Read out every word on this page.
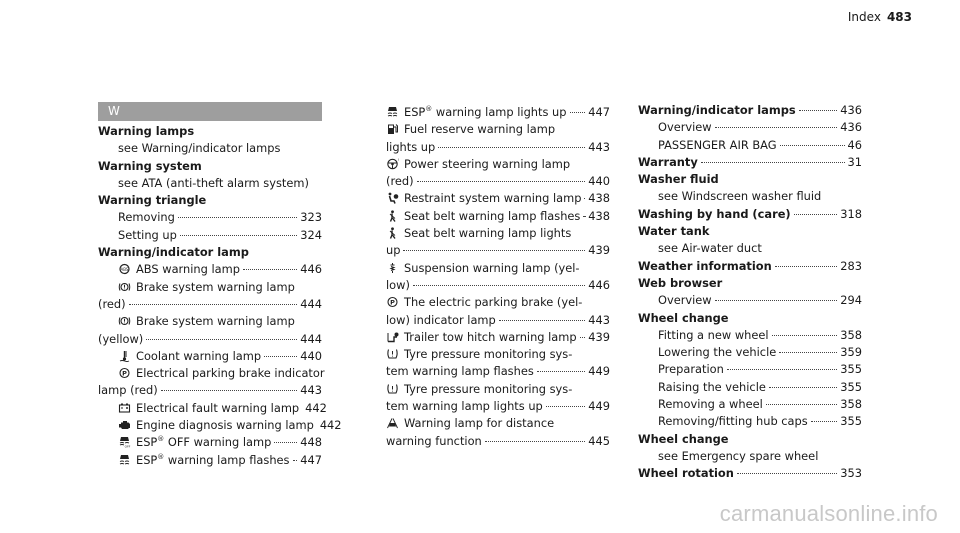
Index 483
W
Warning lamps
see Warning/indicator lamps
Warning system
see ATA (anti-theft alarm system)
Warning triangle
Removing	323
Setting up	324
Warning/indicator lamp
ABS ABS warning lamp	446
Brake system warning lamp
(red)	444
Brake system warning lamp
(yellow)	444
Coolant warning lamp	440
P Electrical parking brake indicator
lamp (red)	443
Electrical fault warning lamp 442
Engine diagnosis warning lamp 442
OFF ESP® OFF warning lamp	448
ESP® warning lamp flashes 447
ESP® warning lamp lights up 447
Fuel reserve warning lamp
lights up	443
! Power steering warning lamp
(red)	440
Restraint system warning lamp 438
Seat belt warning lamp flashes 438
Seat belt warning lamp lights
up	439
Suspension warning lamp (yel-
low)	446
P The electric parking brake (yel-
low) indicator lamp	443
Trailer tow hitch warning lamp 439
Tyre pressure monitoring sys-
tem warning lamp flashes	449
Tyre pressure monitoring sys-
tem warning lamp lights up	449
Warning lamp for distance
warning function	445
Warning/indicator lamps	436
Overview	436
PASSENGER AIR BAG	46
Warranty	31
Washer fluid
see Windscreen washer fluid
Washing by hand (care)	318
Water tank
see Air-water duct
Weather information	283
Web browser
Overview	294
Wheel change
Fitting a new wheel	358
Lowering the vehicle	359
Preparation	355
Raising the vehicle	355
Removing a wheel	358
Removing/fitting hub caps	355
Wheel change
see Emergency spare wheel
Wheel rotation	353
carmanualsonline.info
